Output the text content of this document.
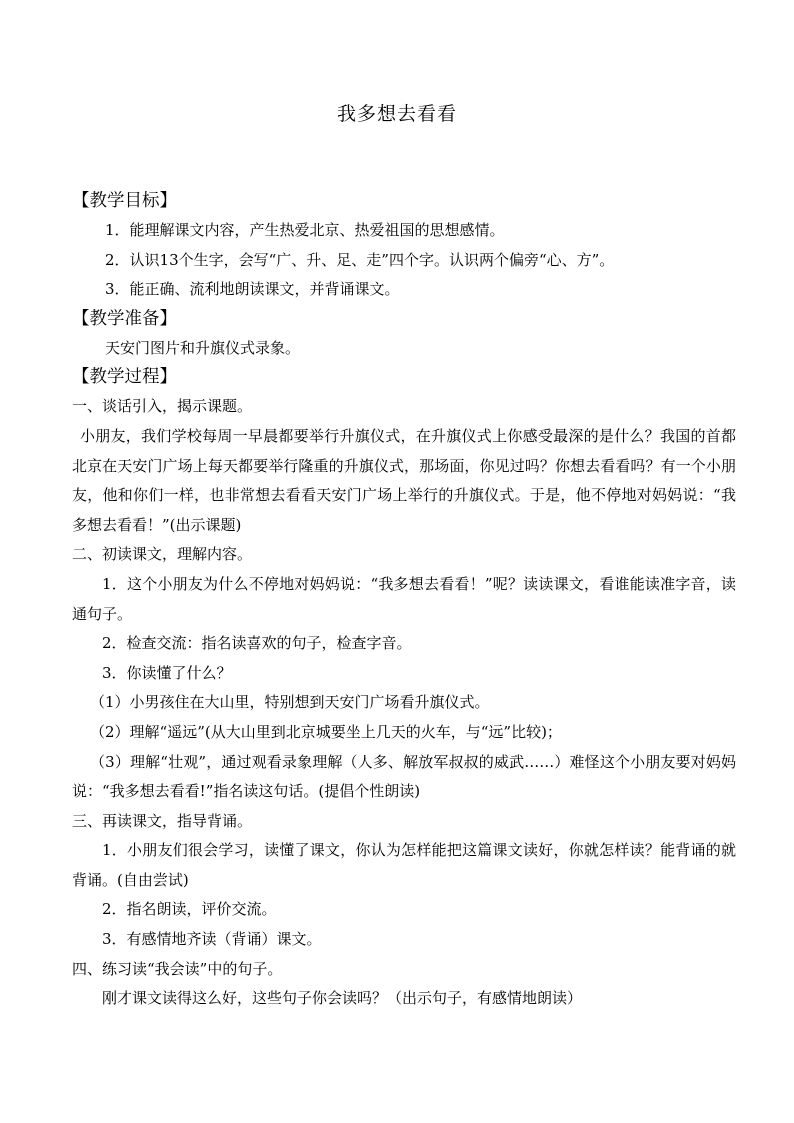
我多想去看看
【教学目标】

1．能理解课文内容，产生热爱北京、热爱祖国的思想感情。

2．认识13个生字，会写“广、升、足、走”四个字。认识两个偏旁“心、方”。

3．能正确、流利地朗读课文，并背诵课文。

【教学准备】

天安门图片和升旗仪式录象。

【教学过程】

一、谈话引入，揭示课题。

小朋友，我们学校每周一早晨都要举行升旗仪式，在升旗仪式上你感受最深的是什么？我国的首都北京在天安门广场上每天都要举行隆重的升旗仪式，那场面，你见过吗？你想去看看吗？有一个小朋友，他和你们一样，也非常想去看看天安门广场上举行的升旗仪式。于是，他不停地对妈妈说：“我多想去看看！”(出示课题)

二、初读课文，理解内容。

1．这个小朋友为什么不停地对妈妈说：“我多想去看看！”呢？读读课文，看谁能读准字音，读通句子。

2．检查交流：指名读喜欢的句子，检查字音。

3．你读懂了什么？

（1）小男孩住在大山里，特别想到天安门广场看升旗仪式。

（2）理解“遥远”(从大山里到北京城要坐上几天的火车，与“远”比较)；

（3）理解“壮观”，通过观看录象理解（人多、解放军叔叔的威武……）难怪这个小朋友要对妈妈说：“我多想去看看!”指名读这句话。(提倡个性朗读)

三、再读课文，指导背诵。

1．小朋友们很会学习，读懂了课文，你认为怎样能把这篇课文读好，你就怎样读？能背诵的就背诵。(自由尝试)

2．指名朗读，评价交流。

3．有感情地齐读（背诵）课文。

四、练习读“我会读”中的句子。

刚才课文读得这么好，这些句子你会读吗？（出示句子，有感情地朗读）
